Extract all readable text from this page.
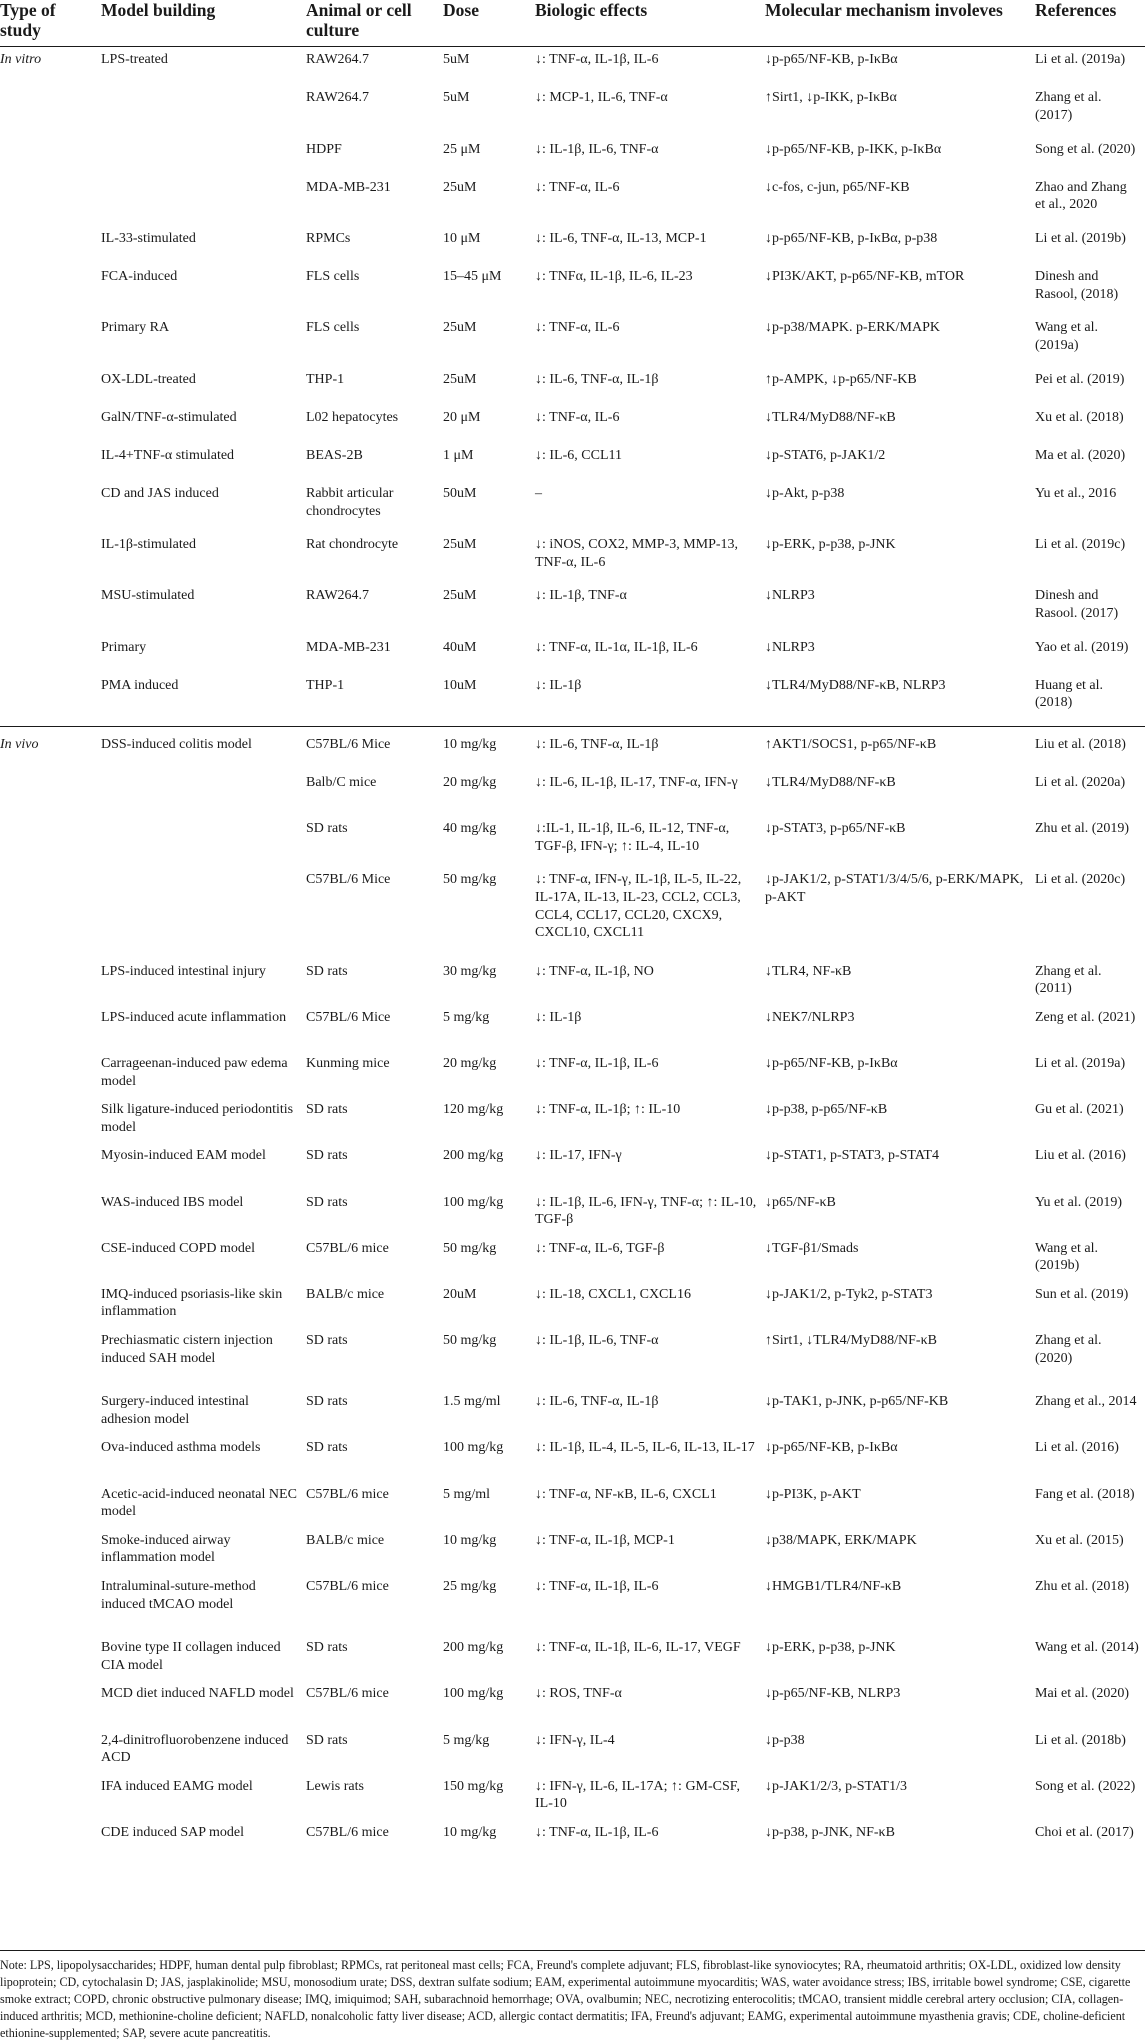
Type of study	Model building	Animal or cell culture	Dose	Biologic effects	Molecular mechanism involeves	References
In vitro	LPS-treated	RAW264.7	5uM	↓: TNF-α, IL-1β, IL-6	↓p-p65/NF-KB, p-IκBα	Li et al. (2019a)
		RAW264.7	5uM	↓: MCP-1, IL-6, TNF-α	↑Sirt1, ↓p-IKK, p-IκBα	Zhang et al. (2017)
		HDPF	25 μM	↓: IL-1β, IL-6, TNF-α	↓p-p65/NF-KB, p-IKK, p-IκBα	Song et al. (2020)
		MDA-MB-231	25uM	↓: TNF-α, IL-6	↓c-fos, c-jun, p65/NF-KB	Zhao and Zhang et al., 2020
	IL-33-stimulated	RPMCs	10 μM	↓: IL-6, TNF-α, IL-13, MCP-1	↓p-p65/NF-KB, p-IκBα, p-p38	Li et al. (2019b)
	FCA-induced	FLS cells	15–45 μM	↓: TNFα, IL-1β, IL-6, IL-23	↓PI3K/AKT, p-p65/NF-KB, mTOR	Dinesh and Rasool, (2018)
	Primary RA	FLS cells	25uM	↓: TNF-α, IL-6	↓p-p38/MAPK. p-ERK/MAPK	Wang et al. (2019a)
	OX-LDL-treated	THP-1	25uM	↓: IL-6, TNF-α, IL-1β	↑p-AMPK, ↓p-p65/NF-KB	Pei et al. (2019)
	GalN/TNF-α-stimulated	L02 hepatocytes	20 μM	↓: TNF-α, IL-6	↓TLR4/MyD88/NF-κB	Xu et al. (2018)
	IL-4+TNF-α stimulated	BEAS-2B	1 μM	↓: IL-6, CCL11	↓p-STAT6, p-JAK1/2	Ma et al. (2020)
	CD and JAS induced	Rabbit articular chondrocytes	50uM	–	↓p-Akt, p-p38	Yu et al., 2016
	IL-1β-stimulated	Rat chondrocyte	25uM	↓: iNOS, COX2, MMP-3, MMP-13, TNF-α, IL-6	↓p-ERK, p-p38, p-JNK	Li et al. (2019c)
	MSU-stimulated	RAW264.7	25uM	↓: IL-1β, TNF-α	↓NLRP3	Dinesh and Rasool. (2017)
	Primary	MDA-MB-231	40uM	↓: TNF-α, IL-1α, IL-1β, IL-6	↓NLRP3	Yao et al. (2019)
	PMA induced	THP-1	10uM	↓: IL-1β	↓TLR4/MyD88/NF-κB, NLRP3	Huang et al. (2018)
In vivo	DSS-induced colitis model	C57BL/6 Mice	10 mg/kg	↓: IL-6, TNF-α, IL-1β	↑AKT1/SOCS1, p-p65/NF-κB	Liu et al. (2018)
		Balb/C mice	20 mg/kg	↓: IL-6, IL-1β, IL-17, TNF-α, IFN-γ	↓TLR4/MyD88/NF-κB	Li et al. (2020a)
		SD rats	40 mg/kg	↓:IL-1, IL-1β, IL-6, IL-12, TNF-α, TGF-β, IFN-γ; ↑: IL-4, IL-10	↓p-STAT3, p-p65/NF-κB	Zhu et al. (2019)
		C57BL/6 Mice	50 mg/kg	↓: TNF-α, IFN-γ, IL-1β, IL-5, IL-22, IL-17A, IL-13, IL-23, CCL2, CCL3, CCL4, CCL17, CCL20, CXCX9, CXCL10, CXCL11	↓p-JAK1/2, p-STAT1/3/4/5/6, p-ERK/MAPK, p-AKT	Li et al. (2020c)
	LPS-induced intestinal injury	SD rats	30 mg/kg	↓: TNF-α, IL-1β, NO	↓TLR4, NF-κB	Zhang et al. (2011)
	LPS-induced acute inflammation	C57BL/6 Mice	5 mg/kg	↓: IL-1β	↓NEK7/NLRP3	Zeng et al. (2021)
	Carrageenan-induced paw edema model	Kunming mice	20 mg/kg	↓: TNF-α, IL-1β, IL-6	↓p-p65/NF-KB, p-IκBα	Li et al. (2019a)
	Silk ligature-induced periodontitis model	SD rats	120 mg/kg	↓: TNF-α, IL-1β; ↑: IL-10	↓p-p38, p-p65/NF-κB	Gu et al. (2021)
	Myosin-induced EAM model	SD rats	200 mg/kg	↓: IL-17, IFN-γ	↓p-STAT1, p-STAT3, p-STAT4	Liu et al. (2016)
	WAS-induced IBS model	SD rats	100 mg/kg	↓: IL-1β, IL-6, IFN-γ, TNF-α; ↑: IL-10, TGF-β	↓p65/NF-κB	Yu et al. (2019)
	CSE-induced COPD model	C57BL/6 mice	50 mg/kg	↓: TNF-α, IL-6, TGF-β	↓TGF-β1/Smads	Wang et al. (2019b)
	IMQ-induced psoriasis-like skin inflammation	BALB/c mice	20uM	↓: IL-18, CXCL1, CXCL16	↓p-JAK1/2, p-Tyk2, p-STAT3	Sun et al. (2019)
	Prechiasmatic cistern injection induced SAH model	SD rats	50 mg/kg	↓: IL-1β, IL-6, TNF-α	↑Sirt1, ↓TLR4/MyD88/NF-κB	Zhang et al. (2020)
	Surgery-induced intestinal adhesion model	SD rats	1.5 mg/ml	↓: IL-6, TNF-α, IL-1β	↓p-TAK1, p-JNK, p-p65/NF-KB	Zhang et al., 2014
	Ova-induced asthma models	SD rats	100 mg/kg	↓: IL-1β, IL-4, IL-5, IL-6, IL-13, IL-17	↓p-p65/NF-KB, p-IκBα	Li et al. (2016)
	Acetic-acid-induced neonatal NEC model	C57BL/6 mice	5 mg/ml	↓: TNF-α, NF-κB, IL-6, CXCL1	↓p-PI3K, p-AKT	Fang et al. (2018)
	Smoke-induced airway inflammation model	BALB/c mice	10 mg/kg	↓: TNF-α, IL-1β, MCP-1	↓p38/MAPK, ERK/MAPK	Xu et al. (2015)
	Intraluminal-suture-method induced tMCAO model	C57BL/6 mice	25 mg/kg	↓: TNF-α, IL-1β, IL-6	↓HMGB1/TLR4/NF-κB	Zhu et al. (2018)
	Bovine type II collagen induced CIA model	SD rats	200 mg/kg	↓: TNF-α, IL-1β, IL-6, IL-17, VEGF	↓p-ERK, p-p38, p-JNK	Wang et al. (2014)
	MCD diet induced NAFLD model	C57BL/6 mice	100 mg/kg	↓: ROS, TNF-α	↓p-p65/NF-KB, NLRP3	Mai et al. (2020)
	2,4-dinitrofluorobenzene induced ACD	SD rats	5 mg/kg	↓: IFN-γ, IL-4	↓p-p38	Li et al. (2018b)
	IFA induced EAMG model	Lewis rats	150 mg/kg	↓: IFN-γ, IL-6, IL-17A; ↑: GM-CSF, IL-10	↓p-JAK1/2/3, p-STAT1/3	Song et al. (2022)
	CDE induced SAP model	C57BL/6 mice	10 mg/kg	↓: TNF-α, IL-1β, IL-6	↓p-p38, p-JNK, NF-κB	Choi et al. (2017)
Note: LPS, lipopolysaccharides; HDPF, human dental pulp fibroblast; RPMCs, rat peritoneal mast cells; FCA, Freund's complete adjuvant; FLS, fibroblast-like synoviocytes; RA, rheumatoid arthritis; OX-LDL, oxidized low density lipoprotein; CD, cytochalasin D; JAS, jasplakinolide; MSU, monosodium urate; DSS, dextran sulfate sodium; EAM, experimental autoimmune myocarditis; WAS, water avoidance stress; IBS, irritable bowel syndrome; CSE, cigarette smoke extract; COPD, chronic obstructive pulmonary disease; IMQ, imiquimod; SAH, subarachnoid hemorrhage; OVA, ovalbumin; NEC, necrotizing enterocolitis; tMCAO, transient middle cerebral artery occlusion; CIA, collagen-induced arthritis; MCD, methionine-choline deficient; NAFLD, nonalcoholic fatty liver disease; ACD, allergic contact dermatitis; IFA, Freund's adjuvant; EAMG, experimental autoimmune myasthenia gravis; CDE, choline-deficient ethionine-supplemented; SAP, severe acute pancreatitis.
